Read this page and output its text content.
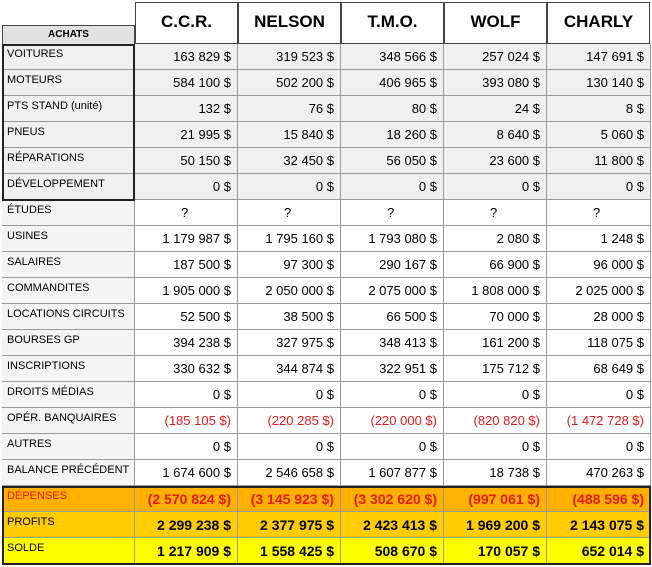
ACHATS
C.C.R.	NELSON	T.M.O.	WOLF	CHARLY
VOITURES	163 829 $	319 523 $	348 566 $	257 024 $	147 691 $
MOTEURS	584 100 $	502 200 $	406 965 $	393 080 $	130 140 $
PTS STAND (unité)	132 $	76 $	80 $	24 $	8 $
PNEUS	21 995 $	15 840 $	18 260 $	8 640 $	5 060 $
RÉPARATIONS	50 150 $	32 450 $	56 050 $	23 600 $	11 800 $
DÉVELOPPEMENT	0 $	0 $	0 $	0 $	0 $
ÉTUDES	?	?	?	?	?
USINES	1 179 987 $	1 795 160 $	1 793 080 $	2 080 $	1 248 $
SALAIRES	187 500 $	97 300 $	290 167 $	66 900 $	96 000 $
COMMANDITES	1 905 000 $	2 050 000 $	2 075 000 $	1 808 000 $	2 025 000 $
LOCATIONS CIRCUITS	52 500 $	38 500 $	66 500 $	70 000 $	28 000 $
BOURSES GP	394 238 $	327 975 $	348 413 $	161 200 $	118 075 $
INSCRIPTIONS	330 632 $	344 874 $	322 951 $	175 712 $	68 649 $
DROITS MÉDIAS	0 $	0 $	0 $	0 $	0 $
OPÉR. BANQUAIRES	(185 105 $)	(220 285 $)	(220 000 $)	(820 820 $)	(1 472 728 $)
AUTRES	0 $	0 $	0 $	0 $	0 $
BALANCE PRÉCÉDENT	1 674 600 $	2 546 658 $	1 607 877 $	18 738 $	470 263 $
DÉPENSES	(2 570 824 $)	(3 145 923 $)	(3 302 620 $)	(997 061 $)	(488 596 $)
PROFITS	2 299 238 $	2 377 975 $	2 423 413 $	1 969 200 $	2 143 075 $
SOLDE	1 217 909 $	1 558 425 $	508 670 $	170 057 $	652 014 $
